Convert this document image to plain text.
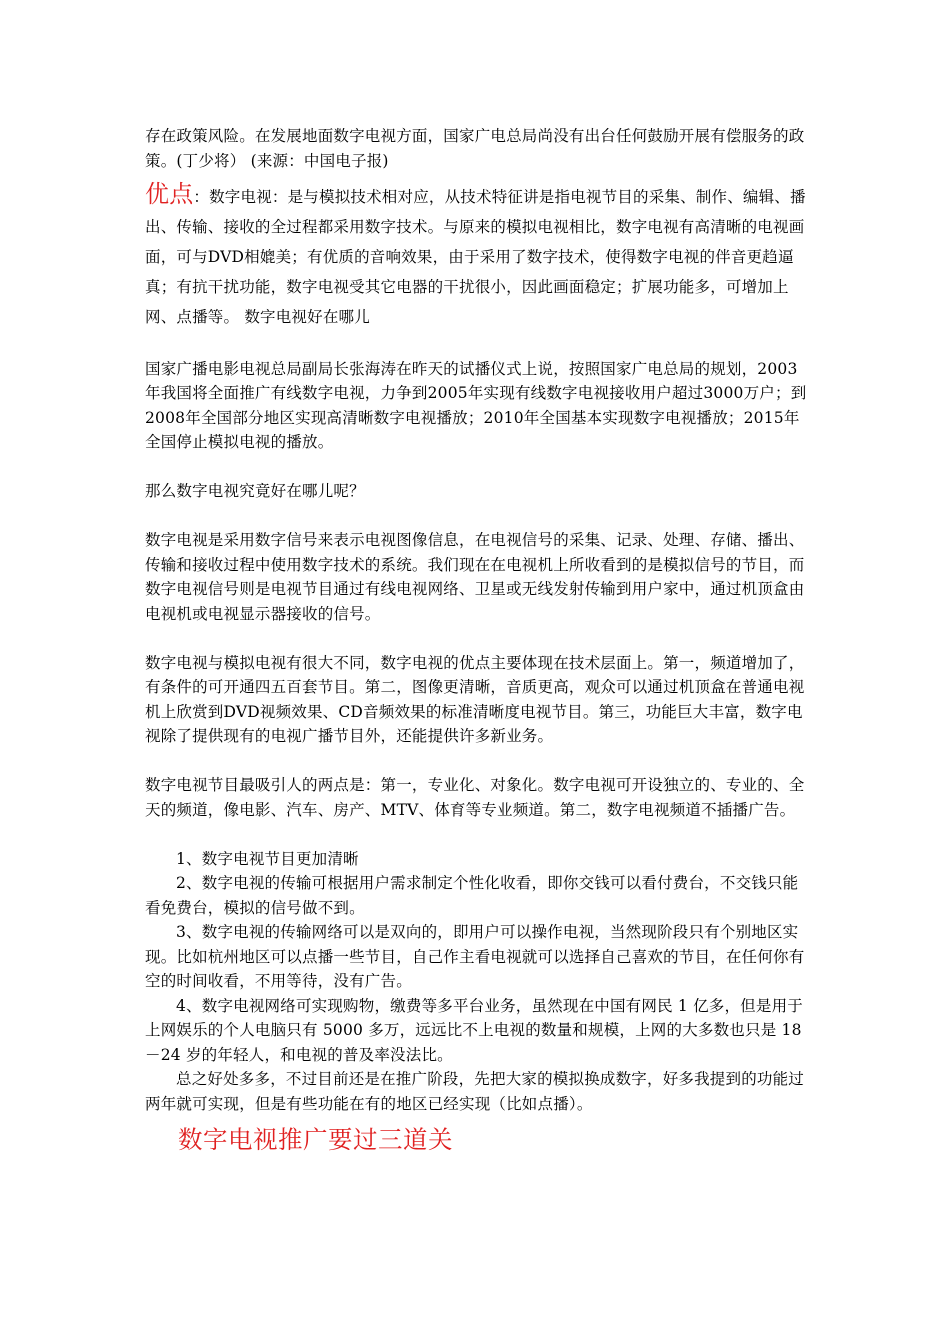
存在政策风险。在发展地面数字电视方面，国家广电总局尚没有出台任何鼓励开展有偿服务的政策。(丁少将） (来源：中国电子报)

优点：数字电视：是与模拟技术相对应，从技术特征讲是指电视节目的采集、制作、编辑、播出、传输、接收的全过程都采用数字技术。与原来的模拟电视相比，数字电视有高清晰的电视画面，可与DVD相媲美；有优质的音响效果，由于采用了数字技术，使得数字电视的伴音更趋逼真；有抗干扰功能，数字电视受其它电器的干扰很小，因此画面稳定；扩展功能多，可增加上网、点播等。 数字电视好在哪儿

国家广播电影电视总局副局长张海涛在昨天的试播仪式上说，按照国家广电总局的规划，2003年我国将全面推广有线数字电视，力争到2005年实现有线数字电视接收用户超过3000万户；到2008年全国部分地区实现高清晰数字电视播放；2010年全国基本实现数字电视播放；2015年全国停止模拟电视的播放。

那么数字电视究竟好在哪儿呢？

数字电视是采用数字信号来表示电视图像信息，在电视信号的采集、记录、处理、存储、播出、传输和接收过程中使用数字技术的系统。我们现在在电视机上所收看到的是模拟信号的节目，而数字电视信号则是电视节目通过有线电视网络、卫星或无线发射传输到用户家中，通过机顶盒由电视机或电视显示器接收的信号。

数字电视与模拟电视有很大不同，数字电视的优点主要体现在技术层面上。第一，频道增加了，有条件的可开通四五百套节目。第二，图像更清晰，音质更高，观众可以通过机顶盒在普通电视机上欣赏到DVD视频效果、CD音频效果的标准清晰度电视节目。第三，功能巨大丰富，数字电视除了提供现有的电视广播节目外，还能提供许多新业务。

数字电视节目最吸引人的两点是：第一，专业化、对象化。数字电视可开设独立的、专业的、全天的频道，像电影、汽车、房产、MTV、体育等专业频道。第二，数字电视频道不插播广告。

1、数字电视节目更加清晰

2、数字电视的传输可根据用户需求制定个性化收看，即你交钱可以看付费台，不交钱只能看免费台，模拟的信号做不到。

3、数字电视的传输网络可以是双向的，即用户可以操作电视，当然现阶段只有个别地区实现。比如杭州地区可以点播一些节目，自己作主看电视就可以选择自己喜欢的节目，在任何你有空的时间收看，不用等待，没有广告。

4、数字电视网络可实现购物，缴费等多平台业务，虽然现在中国有网民 1 亿多，但是用于上网娱乐的个人电脑只有 5000 多万，远远比不上电视的数量和规模，上网的大多数也只是 18－24 岁的年轻人，和电视的普及率没法比。

总之好处多多，不过目前还是在推广阶段，先把大家的模拟换成数字，好多我提到的功能过两年就可实现，但是有些功能在有的地区已经实现（比如点播）。

数字电视推广要过三道关
